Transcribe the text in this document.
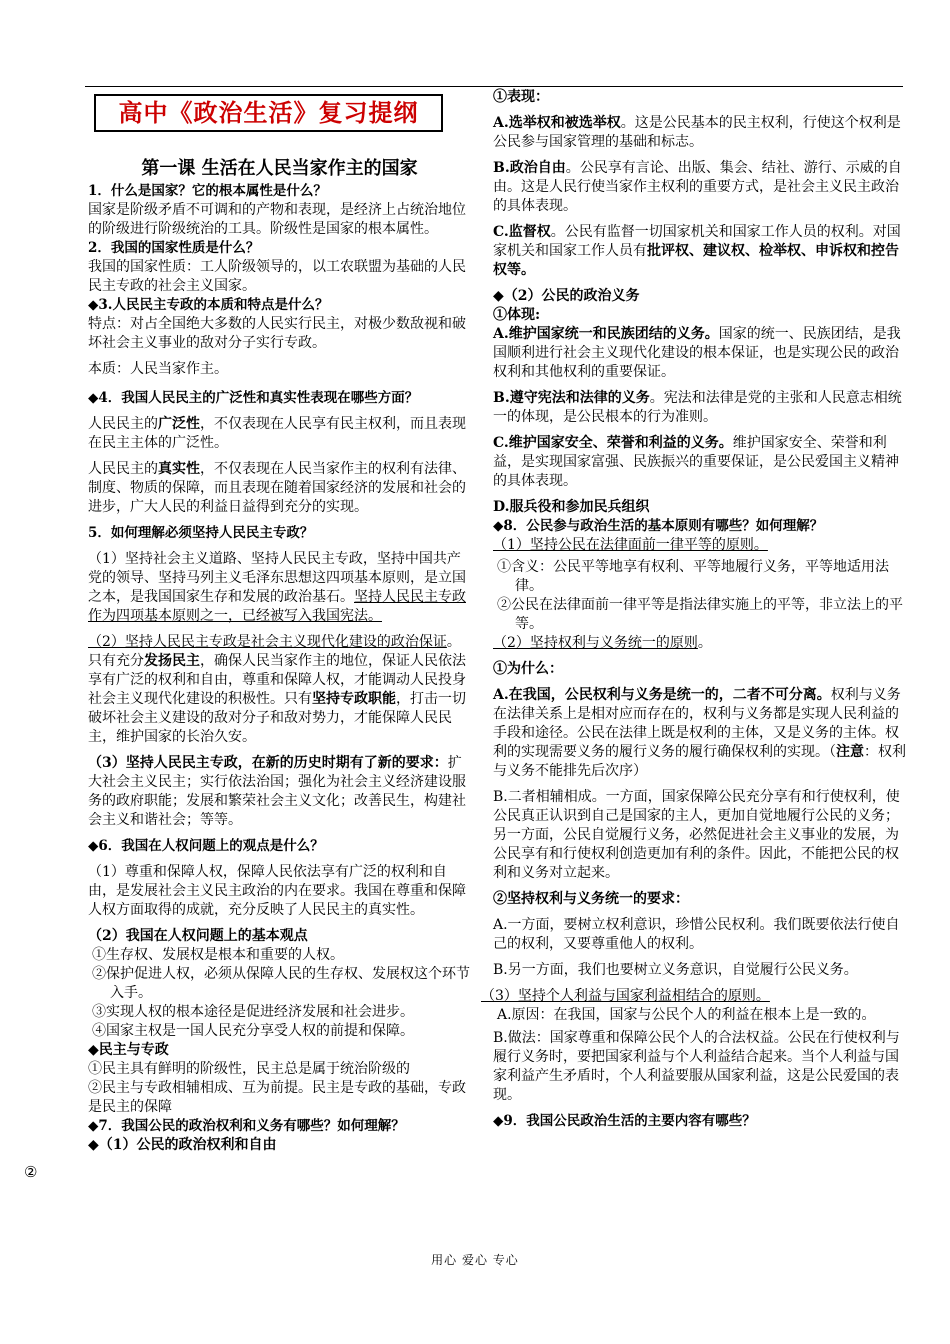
高中《政治生活》复习提纲
第一课 生活在人民当家作主的国家

1．什么是国家？它的根本属性是什么？

国家是阶级矛盾不可调和的产物和表现，是经济上占统治地位的阶级进行阶级统治的工具。阶级性是国家的根本属性。

2．我国的国家性质是什么？

我国的国家性质：工人阶级领导的，以工农联盟为基础的人民民主专政的社会主义国家。

◆3.人民民主专政的本质和特点是什么？

特点：对占全国绝大多数的人民实行民主，对极少数敌视和破坏社会主义事业的敌对分子实行专政。

本质：人民当家作主。

◆4．我国人民民主的广泛性和真实性表现在哪些方面？

人民民主的广泛性，不仅表现在人民享有民主权利，而且表现在民主主体的广泛性。

人民民主的真实性，不仅表现在人民当家作主的权利有法律、制度、物质的保障，而且表现在随着国家经济的发展和社会的进步，广大人民的利益日益得到充分的实现。

5．如何理解必须坚持人民民主专政？

（1）坚持社会主义道路、坚持人民民主专政，坚持中国共产党的领导、坚持马列主义毛泽东思想这四项基本原则，是立国之本，是我国国家生存和发展的政治基石。坚持人民民主专政作为四项基本原则之一，已经被写入我国宪法。

（2）坚持人民民主专政是社会主义现代化建设的政治保证。只有充分发扬民主，确保人民当家作主的地位，保证人民依法享有广泛的权利和自由，尊重和保障人权，才能调动人民投身社会主义现代化建设的积极性。只有坚持专政职能，打击一切破坏社会主义建设的敌对分子和敌对势力，才能保障人民民主，维护国家的长治久安。

（3）坚持人民民主专政，在新的历史时期有了新的要求：扩大社会主义民主；实行依法治国；强化为社会主义经济建设服务的政府职能；发展和繁荣社会主义文化；改善民生，构建社会主义和谐社会；等等。

◆6．我国在人权问题上的观点是什么？

（1）尊重和保障人权，保障人民依法享有广泛的权利和自由，是发展社会主义民主政治的内在要求。我国在尊重和保障人权方面取得的成就，充分反映了人民民主的真实性。

（2）我国在人权问题上的基本观点

①生存权、发展权是根本和重要的人权。

②保护促进人权，必须从保障人民的生存权、发展权这个环节入手。

③实现人权的根本途径是促进经济发展和社会进步。

④国家主权是一国人民充分享受人权的前提和保障。

◆民主与专政

①民主具有鲜明的阶级性，民主总是属于统治阶级的

②民主与专政相辅相成、互为前提。民主是专政的基础，专政是民主的保障

◆7．我国公民的政治权利和义务有哪些？如何理解？

◆（1）公民的政治权利和自由

②

①表现：

A.选举权和被选举权。这是公民基本的民主权利，行使这个权利是公民参与国家管理的基础和标志。

B.政治自由。公民享有言论、出版、集会、结社、游行、示威的自由。这是人民行使当家作主权利的重要方式，是社会主义民主政治的具体表现。

C.监督权。公民有监督一切国家机关和国家工作人员的权利。对国家机关和国家工作人员有批评权、建议权、检举权、申诉权和控告权等。

◆（2）公民的政治义务

①体现:

A.维护国家统一和民族团结的义务。国家的统一、民族团结，是我国顺利进行社会主义现代化建设的根本保证，也是实现公民的政治权利和其他权利的重要保证。

B.遵守宪法和法律的义务。宪法和法律是党的主张和人民意志相统一的体现，是公民根本的行为准则。

C.维护国家安全、荣誉和利益的义务。维护国家安全、荣誉和利益，是实现国家富强、民族振兴的重要保证，是公民爱国主义精神的具体表现。

D.服兵役和参加民兵组织

◆8．公民参与政治生活的基本原则有哪些？如何理解？

（1）坚持公民在法律面前一律平等的原则。

①含义：公民平等地享有权利、平等地履行义务，平等地适用法律。

②公民在法律面前一律平等是指法律实施上的平等，非立法上的平等。

（2）坚持权利与义务统一的原则。

①为什么：

A.在我国，公民权利与义务是统一的，二者不可分离。权利与义务在法律关系上是相对应而存在的，权利与义务都是实现人民利益的手段和途径。公民在法律上既是权利的主体，又是义务的主体。权利的实现需要义务的履行义务的履行确保权利的实现。（注意：权利与义务不能排先后次序）

B.二者相辅相成。一方面，国家保障公民充分享有和行使权利，使公民真正认识到自己是国家的主人，更加自觉地履行公民的义务；另一方面，公民自觉履行义务，必然促进社会主义事业的发展，为公民享有和行使权利创造更加有利的条件。因此，不能把公民的权利和义务对立起来。

②坚持权利与义务统一的要求：

A.一方面，要树立权利意识，珍惜公民权利。我们既要依法行使自己的权利，又要尊重他人的权利。

B.另一方面，我们也要树立义务意识，自觉履行公民义务。

（3）坚持个人利益与国家利益相结合的原则。

A.原因：在我国，国家与公民个人的利益在根本上是一致的。

B.做法：国家尊重和保障公民个人的合法权益。公民在行使权利与履行义务时，要把国家利益与个人利益结合起来。当个人利益与国家利益产生矛盾时，个人利益要服从国家利益，这是公民爱国的表现。

◆9．我国公民政治生活的主要内容有哪些？

用心 爱心 专心
